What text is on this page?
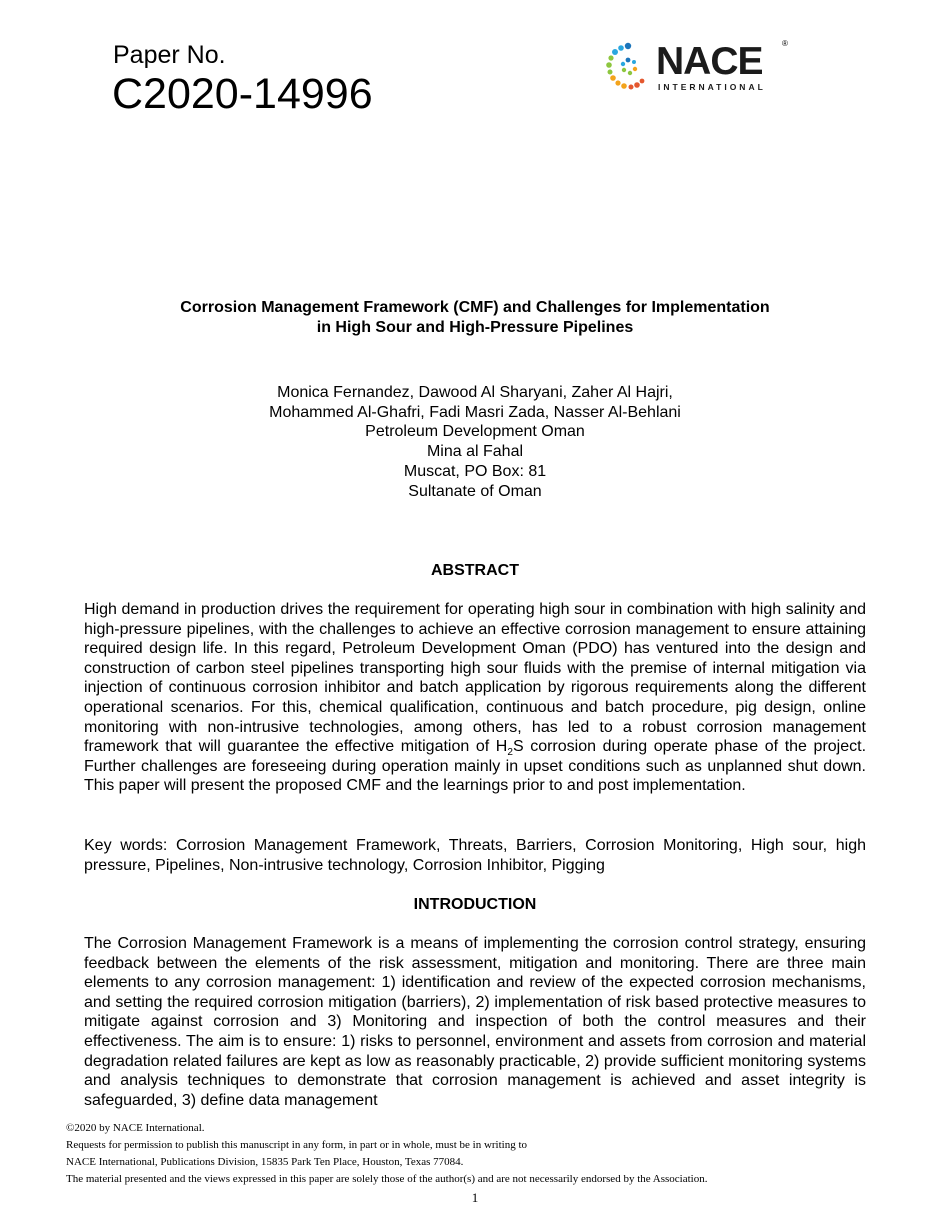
Paper No.
C2020-14996
NACE ®
INTERNATIONAL
Corrosion Management Framework (CMF) and Challenges for Implementation
in High Sour and High-Pressure Pipelines
Monica Fernandez, Dawood Al Sharyani, Zaher Al Hajri,
Mohammed Al-Ghafri, Fadi Masri Zada, Nasser Al-Behlani
Petroleum Development Oman
Mina al Fahal
Muscat, PO Box: 81
Sultanate of Oman
ABSTRACT

High demand in production drives the requirement for operating high sour in combination with high salinity and high-pressure pipelines, with the challenges to achieve an effective corrosion management to ensure attaining required design life. In this regard, Petroleum Development Oman (PDO) has ventured into the design and construction of carbon steel pipelines transporting high sour fluids with the premise of internal mitigation via injection of continuous corrosion inhibitor and batch application by rigorous requirements along the different operational scenarios. For this, chemical qualification, continuous and batch procedure, pig design, online monitoring with non-intrusive technologies, among others, has led to a robust corrosion management framework that will guarantee the effective mitigation of $H_2S$ corrosion during operate phase of the project. Further challenges are foreseeing during operation mainly in upset conditions such as unplanned shut down. This paper will present the proposed CMF and the learnings prior to and post implementation.

Key words: Corrosion Management Framework, Threats, Barriers, Corrosion Monitoring, High sour, high pressure, Pipelines, Non-intrusive technology, Corrosion Inhibitor, Pigging

INTRODUCTION

The Corrosion Management Framework is a means of implementing the corrosion control strategy, ensuring feedback between the elements of the risk assessment, mitigation and monitoring. There are three main elements to any corrosion management: 1) identification and review of the expected corrosion mechanisms, and setting the required corrosion mitigation (barriers), 2) implementation of risk based protective measures to mitigate against corrosion and 3) Monitoring and inspection of both the control measures and their effectiveness. The aim is to ensure: 1) risks to personnel, environment and assets from corrosion and material degradation related failures are kept as low as reasonably practicable, 2) provide sufficient monitoring systems and analysis techniques to demonstrate that corrosion management is achieved and asset integrity is safeguarded, 3) define data management

©2020 by NACE International.
Requests for permission to publish this manuscript in any form, in part or in whole, must be in writing to
NACE International, Publications Division, 15835 Park Ten Place, Houston, Texas 77084.
The material presented and the views expressed in this paper are solely those of the author(s) and are not necessarily endorsed by the Association.
1
